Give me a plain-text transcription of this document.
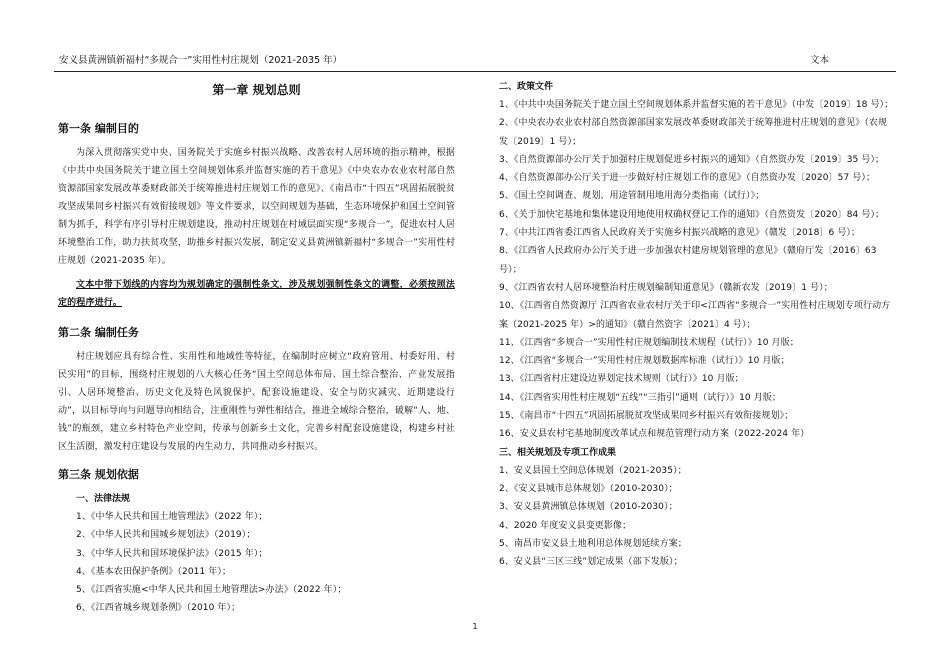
安义县黄洲镇新福村“多规合一”实用性村庄规划（2021-2035 年）	文本
第一章 规划总则
第一条 编制目的

为深入贯彻落实党中央、国务院关于实施乡村振兴战略、改善农村人居环境的指示精神，根据《中共中央国务院关于建立国土空间规划体系并监督实施的若干意见》《中央农办农业农村部自然资源部国家发展改革委财政部关于统筹推进村庄规划工作的意见》、《南昌市“十四五”巩固拓展脱贫攻坚成果同乡村振兴有效衔接规划》等文件要求，以空间规划为基础，生态环境保护和国土空间管制为抓手，科学有序引导村庄规划建设，推动村庄规划在村域层面实现“多规合一”，促进农村人居环境整治工作，助力扶贫攻坚，助推乡村振兴发展，制定安义县黄洲镇新福村“多规合一”实用性村庄规划（2021-2035 年）。

文本中带下划线的内容均为规划确定的强制性条文，涉及规划强制性条文的调整，必须按照法定的程序进行。

第二条 编制任务

村庄规划应具有综合性、实用性和地域性等特征，在编制时应树立“政府管用、村委好用、村民实用”的目标，围绕村庄规划的八大核心任务“国土空间总体布局、国土综合整治、产业发展指引、人居环境整治、历史文化及特色风貌保护、配套设施建设、安全与防灾减灾、近期建设行动”，以目标导向与问题导向相结合，注重刚性与弹性相结合，推进全域综合整治，破解“人、地、钱”的瓶颈，建立乡村特色产业空间，传承与创新乡土文化，完善乡村配套设施建设，构建乡村社区生活圈，激发村庄建设与发展的内生动力，共同推动乡村振兴。

第三条 规划依据

一、法律法规

1、《中华人民共和国土地管理法》（2022 年）；
2、《中华人民共和国城乡规划法》（2019）；
3、《中华人民共和国环境保护法》（2015 年）；
4、《基本农田保护条例》（2011 年）；
5、《江西省实施<中华人民共和国土地管理法>办法》（2022 年）；
6、《江西省城乡规划条例》（2010 年）；

二、政策文件

1、《中共中央国务院关于建立国土空间规划体系并监督实施的若干意见》（中发〔2019〕18 号）；
2、《中央农办农业农村部自然资源部国家发展改革委财政部关于统筹推进村庄规划的意见》（农规发〔2019〕1 号）；
3、《自然资源部办公厅关于加强村庄规划促进乡村振兴的通知》（自然资办发〔2019〕35 号）；
4、《自然资源部办公厅关于进一步做好村庄规划工作的意见》（自然资办发〔2020〕57 号）；
5、《国土空间调查、规划、用途管制用地用海分类指南（试行）》；
6、《关于加快宅基地和集体建设用地使用权确权登记工作的通知》（自然资发〔2020〕84 号）；
7、《中共江西省委江西省人民政府关于实施乡村振兴战略的意见》（赣发〔2018〕6 号）；
8、《江西省人民政府办公厅关于进一步加强农村建房规划管理的意见》（赣府厅发〔2016〕63 号）；
9、《江西省农村人居环境整治村庄规划编制知道意见》（赣新农发〔2019〕1 号）；
10、《江西省自然资源厅 江西省农业农村厅关于印<江西省“多规合一”实用性村庄规划专项行动方案（2021-2025 年）>的通知》（赣自然资字〔2021〕4 号）；
11、《江西省“多规合一”实用性村庄规划编制技术规程（试行）》10 月版；
12、《江西省“多规合一”实用性村庄规划数据库标准（试行）》10 月版；
13、《江西省村庄建设边界划定技术规则（试行）》10 月版；
14、《江西省实用性村庄规划“五线”“三指引”通则（试行）》10 月版；
15、《南昌市“十四五”巩固拓展脱贫攻坚成果同乡村振兴有效衔接规划》；
16、安义县农村宅基地制度改革试点和规范管理行动方案（2022-2024 年）

三、相关规划及专项工作成果

1、安义县国土空间总体规划（2021-2035）；
2、《安义县城市总体规划》（2010-2030）；
3、安义县黄洲镇总体规划（2010-2030）；
4、2020 年度安义县变更影像；
5、南昌市安义县土地利用总体规划延续方案；
6、安义县“三区三线”划定成果（部下发版）；
1
